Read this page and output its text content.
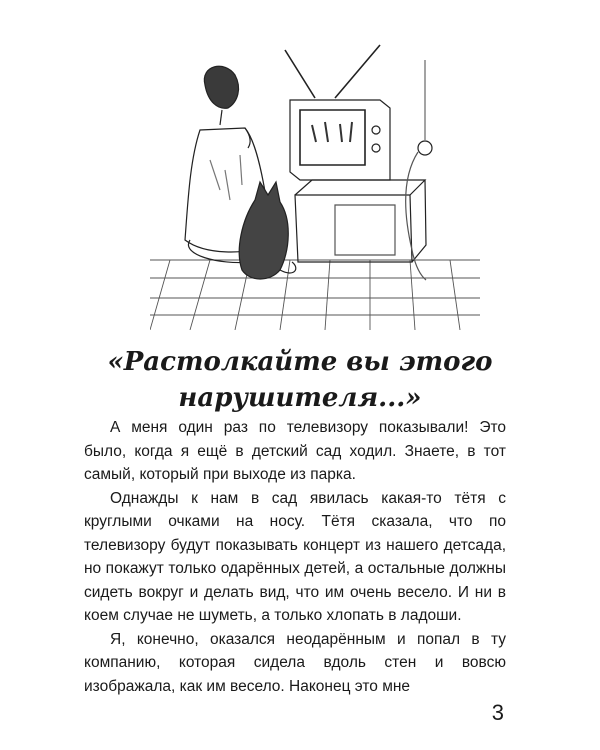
«Растолкайте вы этого
нарушителя...»

А меня один раз по телевизору показывали! Это было, когда я ещё в детский сад ходил. Знаете, в тот самый, который при выходе из парка.

Однажды к нам в сад явилась какая-то тётя с круглыми очками на носу. Тётя сказала, что по телевизору будут показывать концерт из нашего детсада, но покажут только одарённых детей, а остальные должны сидеть вокруг и делать вид, что им очень весело. И ни в коем случае не шуметь, а только хлопать в ладоши.

Я, конечно, оказался неодарённым и попал в ту компанию, которая сидела вдоль стен и вовсю изображала, как им весело. Наконец это мне

3
